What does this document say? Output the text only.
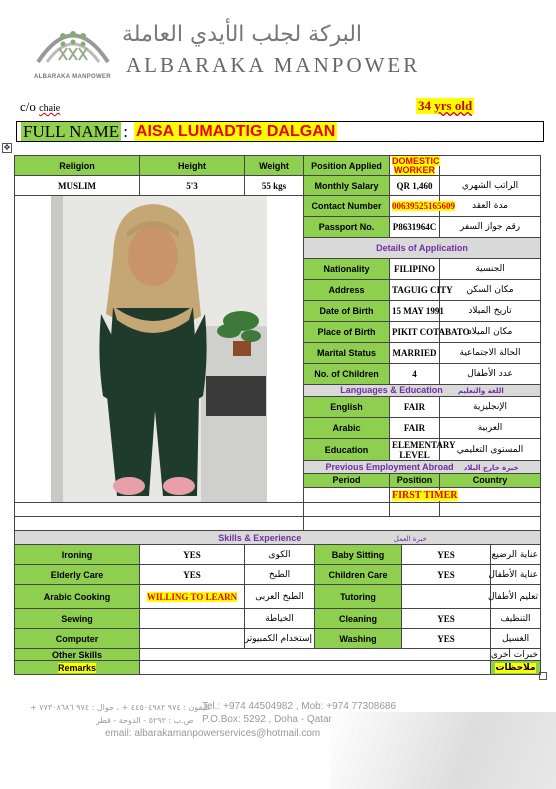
ALBARAKA MANPOWER
البركة لجلب الأيدي العاملة
ALBARAKA MANPOWER
c/o chaie	34 yrs old
FULL NAME : AISA LUMADTIG DALGAN
✥
Religion	Height	Weight	Position Applied		DOMESTIC WORKER			
MUSLIM	5'3	55 kgs	Monthly Salary		QR 1,460		الراتب الشهري	

	Contact Number		00639525165609		مدة العقد	
			Passport No.		P8631964C		رقم جواز السفر	
			Details of Application					
			Nationality		FILIPINO		الجنسية	
			Address		TAGUIG CITY		مكان السكن	
			Date of Birth		15 MAY 1991		تاريخ الميلاد	
			Place of Birth		PIKIT COTABATO		مكان الميلاد	
			Marital Status		MARRIED		الحالة الاجتماعية	
			No. of Children		4		عدد الأطفال	
			Languages & Education اللغة والتعليم					
			English		FAIR		الإنجليزية	
			Arabic		FAIR		العربية	
			Education		ELEMENTARY LEVEL		المستوى التعليمي	
			Previous Employment Abroad خبرة خارج البلاد					
			Period		Position		Country	
					FIRST TIMER			

Skills & Experience خبرة العمل								
Ironing	YES	الكوى		Baby Sitting		YES		عناية الرضيع
Elderly Care	YES	الطبخ		Children Care		YES		عناية الأطفال
Arabic Cooking	WILLING TO LEARN	الطبخ العربى		Tutoring				تعليم الأطفال
Sewing		الخياطة		Cleaning		YES		التنظيف
Computer		إستخدام الكمبيوتر		Washing		YES		الغسيل
Other Skills								خبرات أخرى
Remarks								ملاحظات
تليفون : ٩٧٤ ٤٤٥٠٤٩٨٢ + ، جوال : ٩٧٤ ٧٧٣٠٨٦٨٦ +
Tel.: +974 44504982 , Mob: +974 77308686
ص.ب : ٥٢٩٢ - الدوحة - قطر P.O.Box: 5292 , Doha - Qatar
email: albarakamanpowerservices@hotmail.com
